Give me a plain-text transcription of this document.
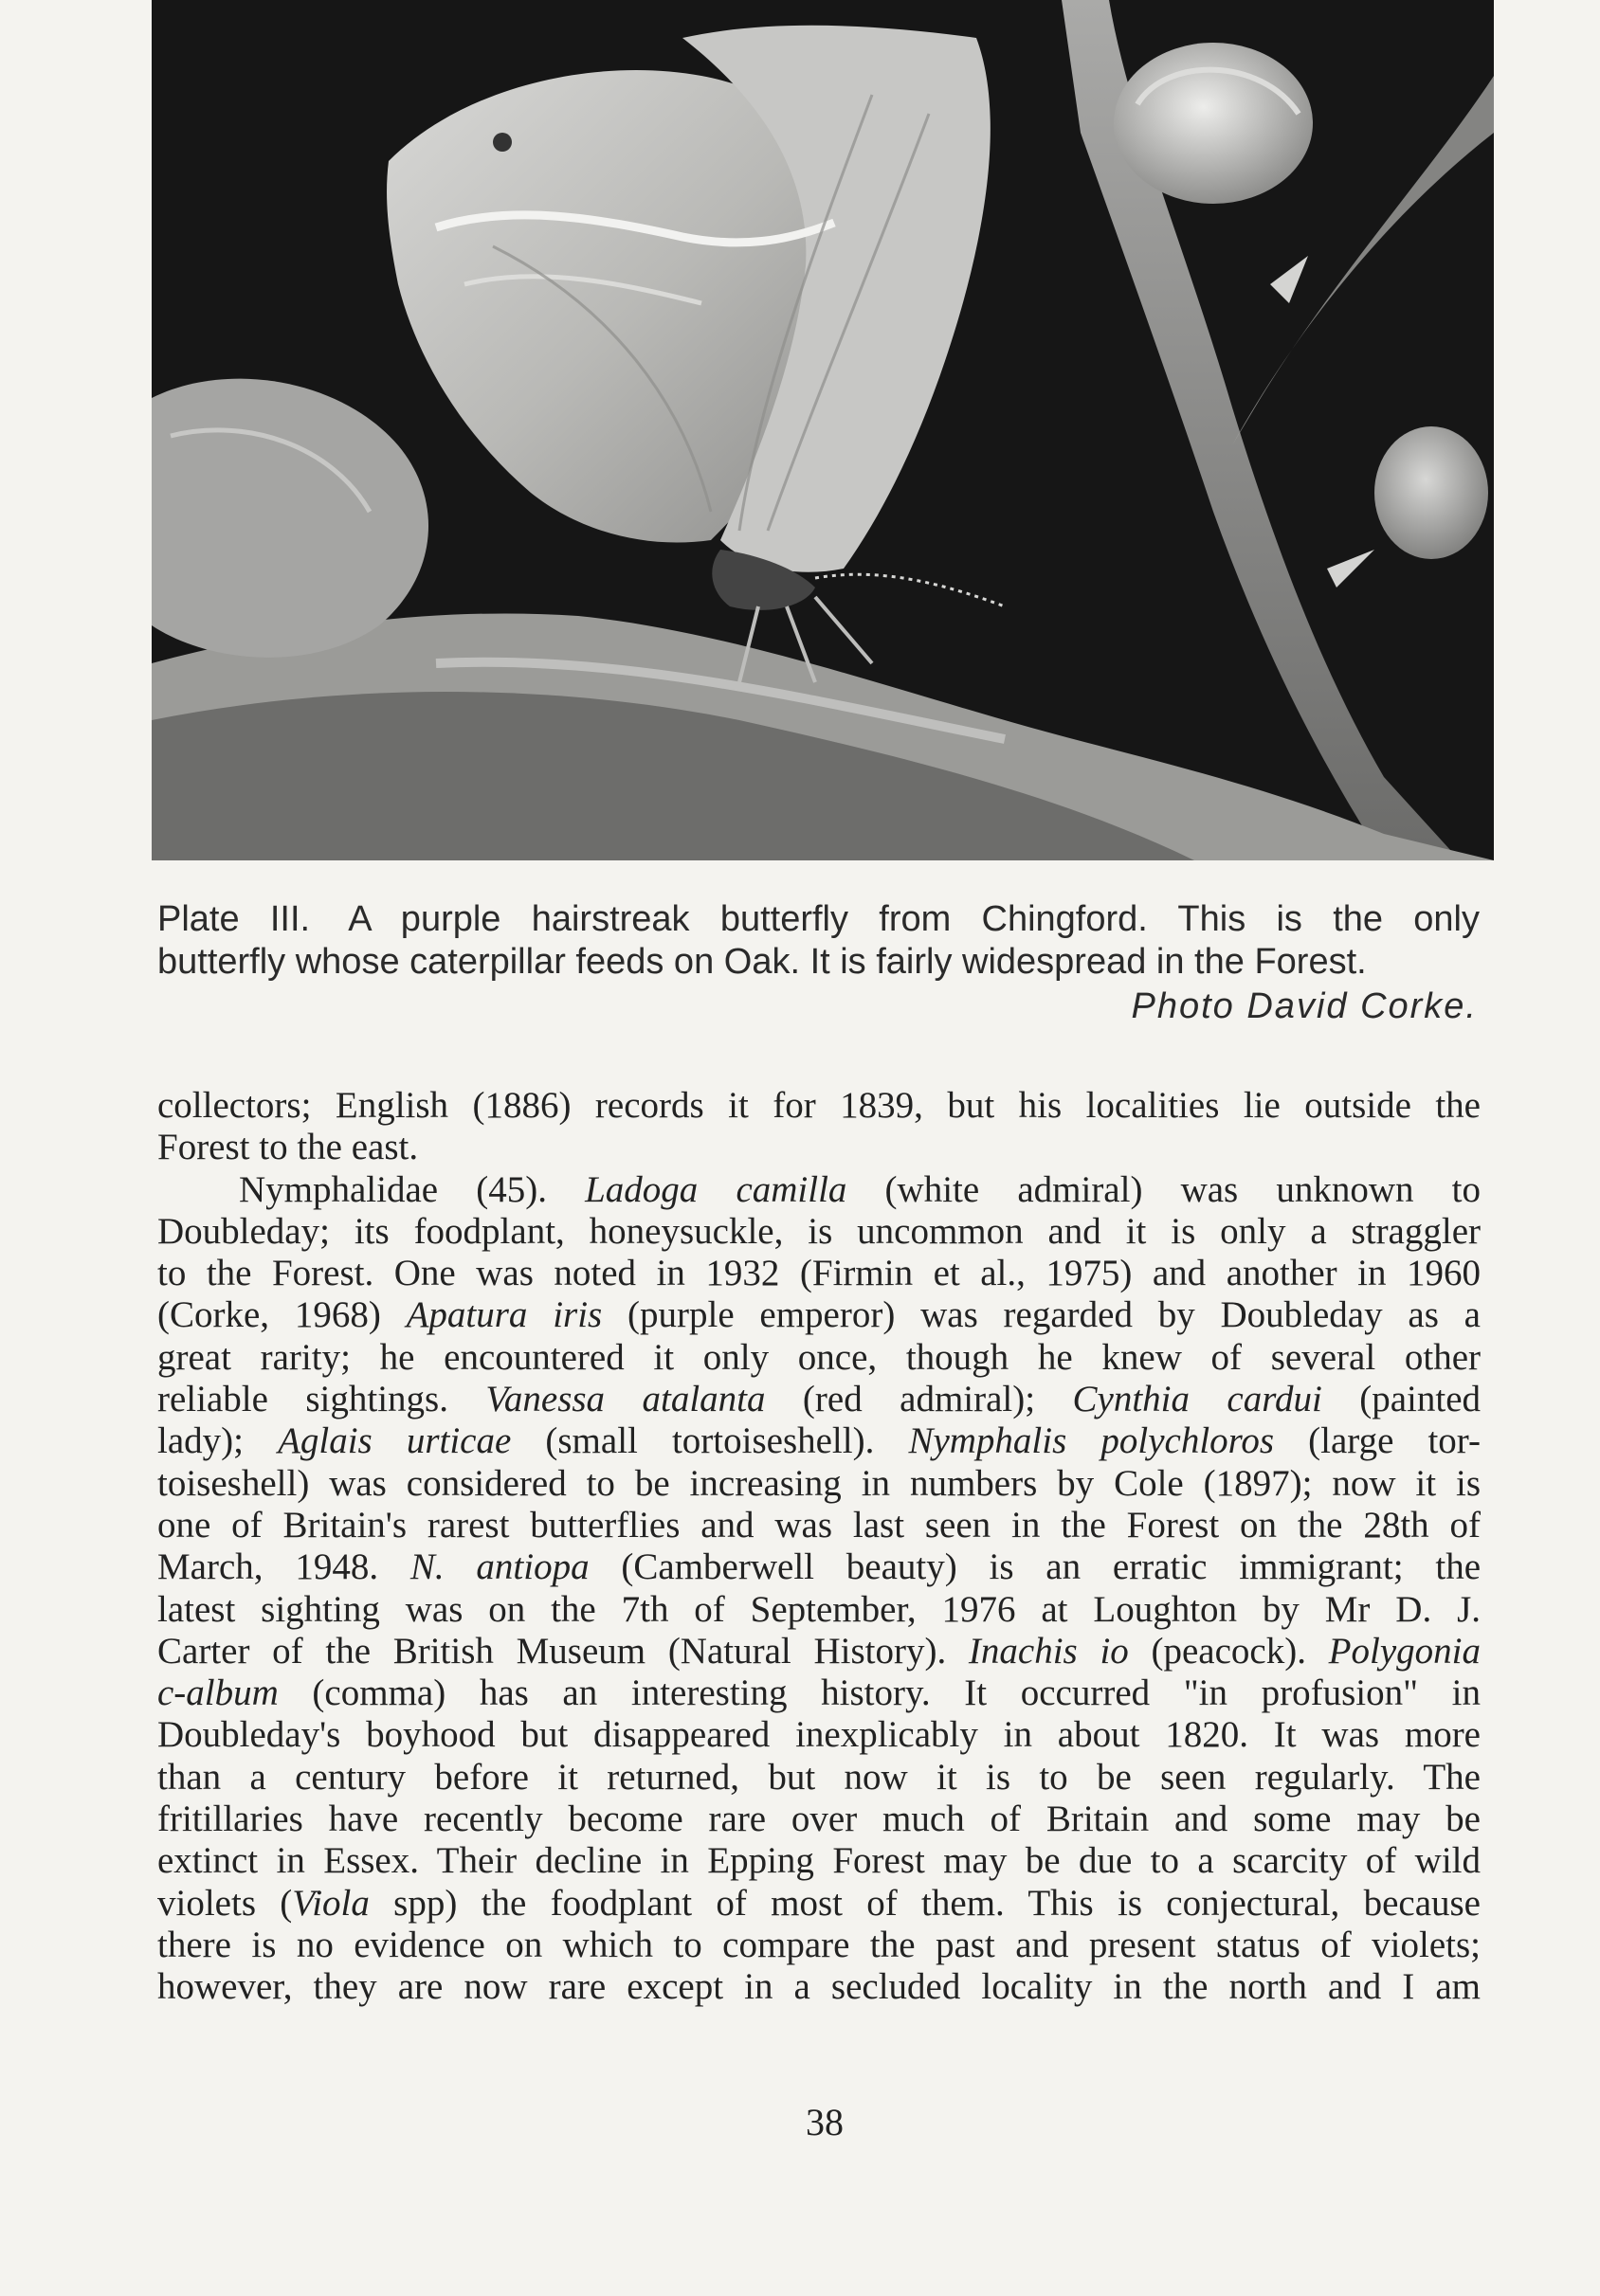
Plate III. A purple hairstreak butterfly from Chingford. This is the only
butterfly whose caterpillar feeds on Oak. It is fairly widespread in the Forest.
Photo David Corke.
collectors; English (1886) records it for 1839, but his localities lie outside the
Forest to the east.
Nymphalidae (45). Ladoga camilla (white admiral) was unknown to
Doubleday; its foodplant, honeysuckle, is uncommon and it is only a straggler
to the Forest. One was noted in 1932 (Firmin et al., 1975) and another in 1960
(Corke, 1968) Apatura iris (purple emperor) was regarded by Doubleday as a
great rarity; he encountered it only once, though he knew of several other
reliable sightings. Vanessa atalanta (red admiral); Cynthia cardui (painted
lady); Aglais urticae (small tortoiseshell). Nymphalis polychloros (large tor-
toiseshell) was considered to be increasing in numbers by Cole (1897); now it is
one of Britain's rarest butterflies and was last seen in the Forest on the 28th of
March, 1948. N. antiopa (Camberwell beauty) is an erratic immigrant; the
latest sighting was on the 7th of September, 1976 at Loughton by Mr D. J.
Carter of the British Museum (Natural History). Inachis io (peacock). Polygonia
c-album (comma) has an interesting history. It occurred "in profusion" in
Doubleday's boyhood but disappeared inexplicably in about 1820. It was more
than a century before it returned, but now it is to be seen regularly. The
fritillaries have recently become rare over much of Britain and some may be
extinct in Essex. Their decline in Epping Forest may be due to a scarcity of wild
violets (Viola spp) the foodplant of most of them. This is conjectural, because
there is no evidence on which to compare the past and present status of violets;
however, they are now rare except in a secluded locality in the north and I am
38
